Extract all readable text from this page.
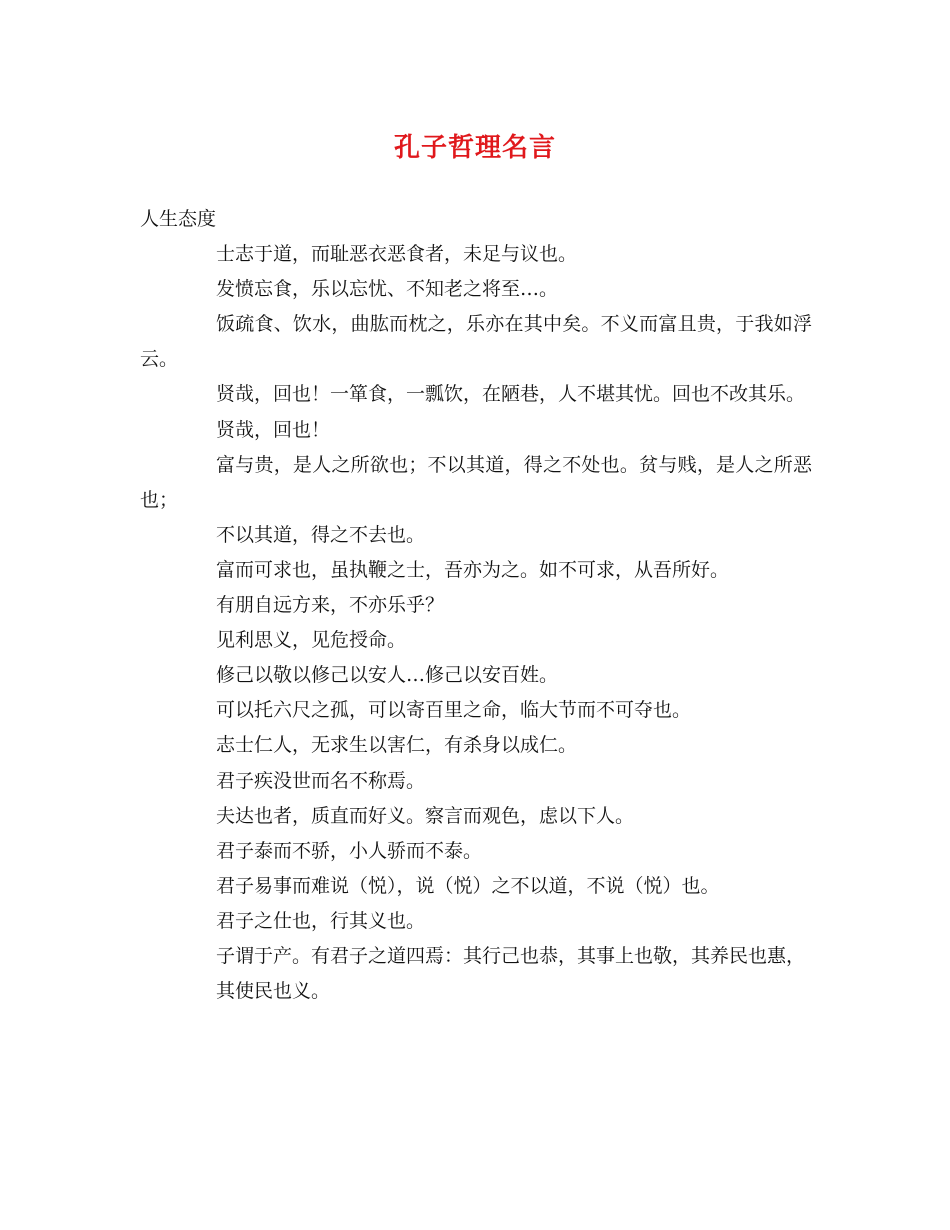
孔子哲理名言

人生态度

士志于道，而耻恶衣恶食者，未足与议也。

发愤忘食，乐以忘忧、不知老之将至…。

饭疏食、饮水，曲肱而枕之，乐亦在其中矣。不义而富且贵，于我如浮云。

贤哉，回也！一箪食，一瓢饮，在陋巷，人不堪其忧。回也不改其乐。

贤哉，回也！

富与贵，是人之所欲也；不以其道，得之不处也。贫与贱，是人之所恶也；

不以其道，得之不去也。

富而可求也，虽执鞭之士，吾亦为之。如不可求，从吾所好。

有朋自远方来，不亦乐乎？

见利思义，见危授命。

修己以敬以修己以安人…修己以安百姓。

可以托六尺之孤，可以寄百里之命，临大节而不可夺也。

志士仁人，无求生以害仁，有杀身以成仁。

君子疾没世而名不称焉。

夫达也者，质直而好义。察言而观色，虑以下人。

君子泰而不骄，小人骄而不泰。

君子易事而难说（悦），说（悦）之不以道，不说（悦）也。

君子之仕也，行其义也。

子谓于产。有君子之道四焉：其行己也恭，其事上也敬，其养民也惠，

其使民也义。
